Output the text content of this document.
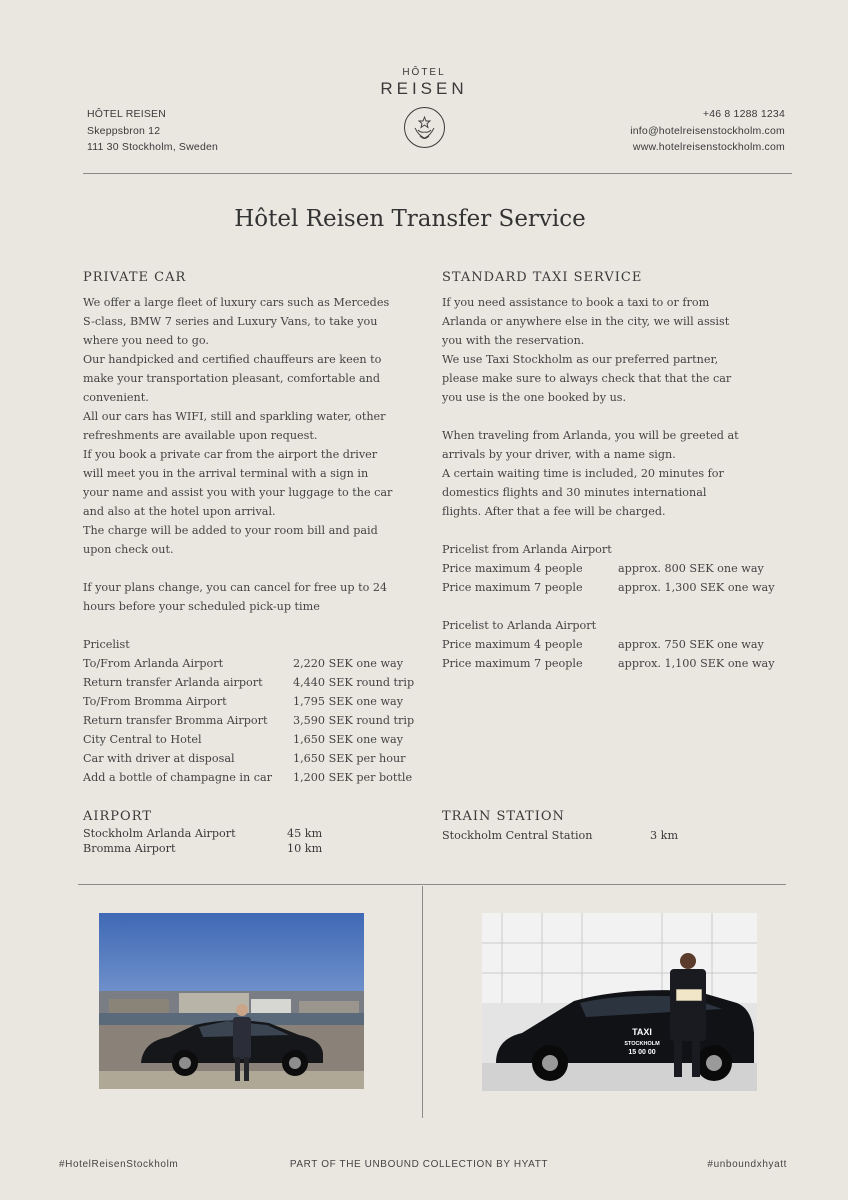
HÔTEL REISEN
Skeppsbron 12
111 30 Stockholm, Sweden
HÔTEL
REISEN
+46 8 1288 1234
info@hotelreisenstockholm.com
www.hotelreisenstockholm.com
Hôtel Reisen Transfer Service
PRIVATE CAR
We offer a large fleet of luxury cars such as Mercedes
S-class, BMW 7 series and Luxury Vans, to take you
where you need to go.
Our handpicked and certified chauffeurs are keen to
make your transportation pleasant, comfortable and
convenient.
All our cars has WIFI, still and sparkling water, other
refreshments are available upon request.
If you book a private car from the airport the driver
will meet you in the arrival terminal with a sign in
your name and assist you with your luggage to the car
and also at the hotel upon arrival.
The charge will be added to your room bill and paid
upon check out.
If your plans change, you can cancel for free up to 24
hours before your scheduled pick-up time
Pricelist
To/From Arlanda Airport	2,220 SEK one way
Return transfer Arlanda airport	4,440 SEK round trip
To/From Bromma Airport	1,795 SEK one way
Return transfer Bromma Airport 3,590 SEK round trip
City Central to Hotel	1,650 SEK one way
Car with driver at disposal	1,650 SEK per hour
Add a bottle of champagne in car 1,200 SEK per bottle
STANDARD TAXI SERVICE
If you need assistance to book a taxi to or from
Arlanda or anywhere else in the city, we will assist
you with the reservation.
We use Taxi Stockholm as our preferred partner,
please make sure to always check that that the car
you use is the one booked by us.
When traveling from Arlanda, you will be greeted at
arrivals by your driver, with a name sign.
A certain waiting time is included, 20 minutes for
domestics flights and 30 minutes international
flights. After that a fee will be charged.
Pricelist from Arlanda Airport
Price maximum 4 people	approx. 800 SEK one way
Price maximum 7 people	approx. 1,300 SEK one way
Pricelist to Arlanda Airport
Price maximum 4 people	approx. 750 SEK one way
Price maximum 7 people	approx. 1,100 SEK one way
AIRPORT
Stockholm Arlanda Airport	45 km
Bromma Airport	10 km
TRAIN STATION
Stockholm Central Station	3 km
TAXI
STOCKHOLM
15 00 00
#HotelReisenStockholm	PART OF THE UNBOUND COLLECTION BY HYATT	#unboundxhyatt
